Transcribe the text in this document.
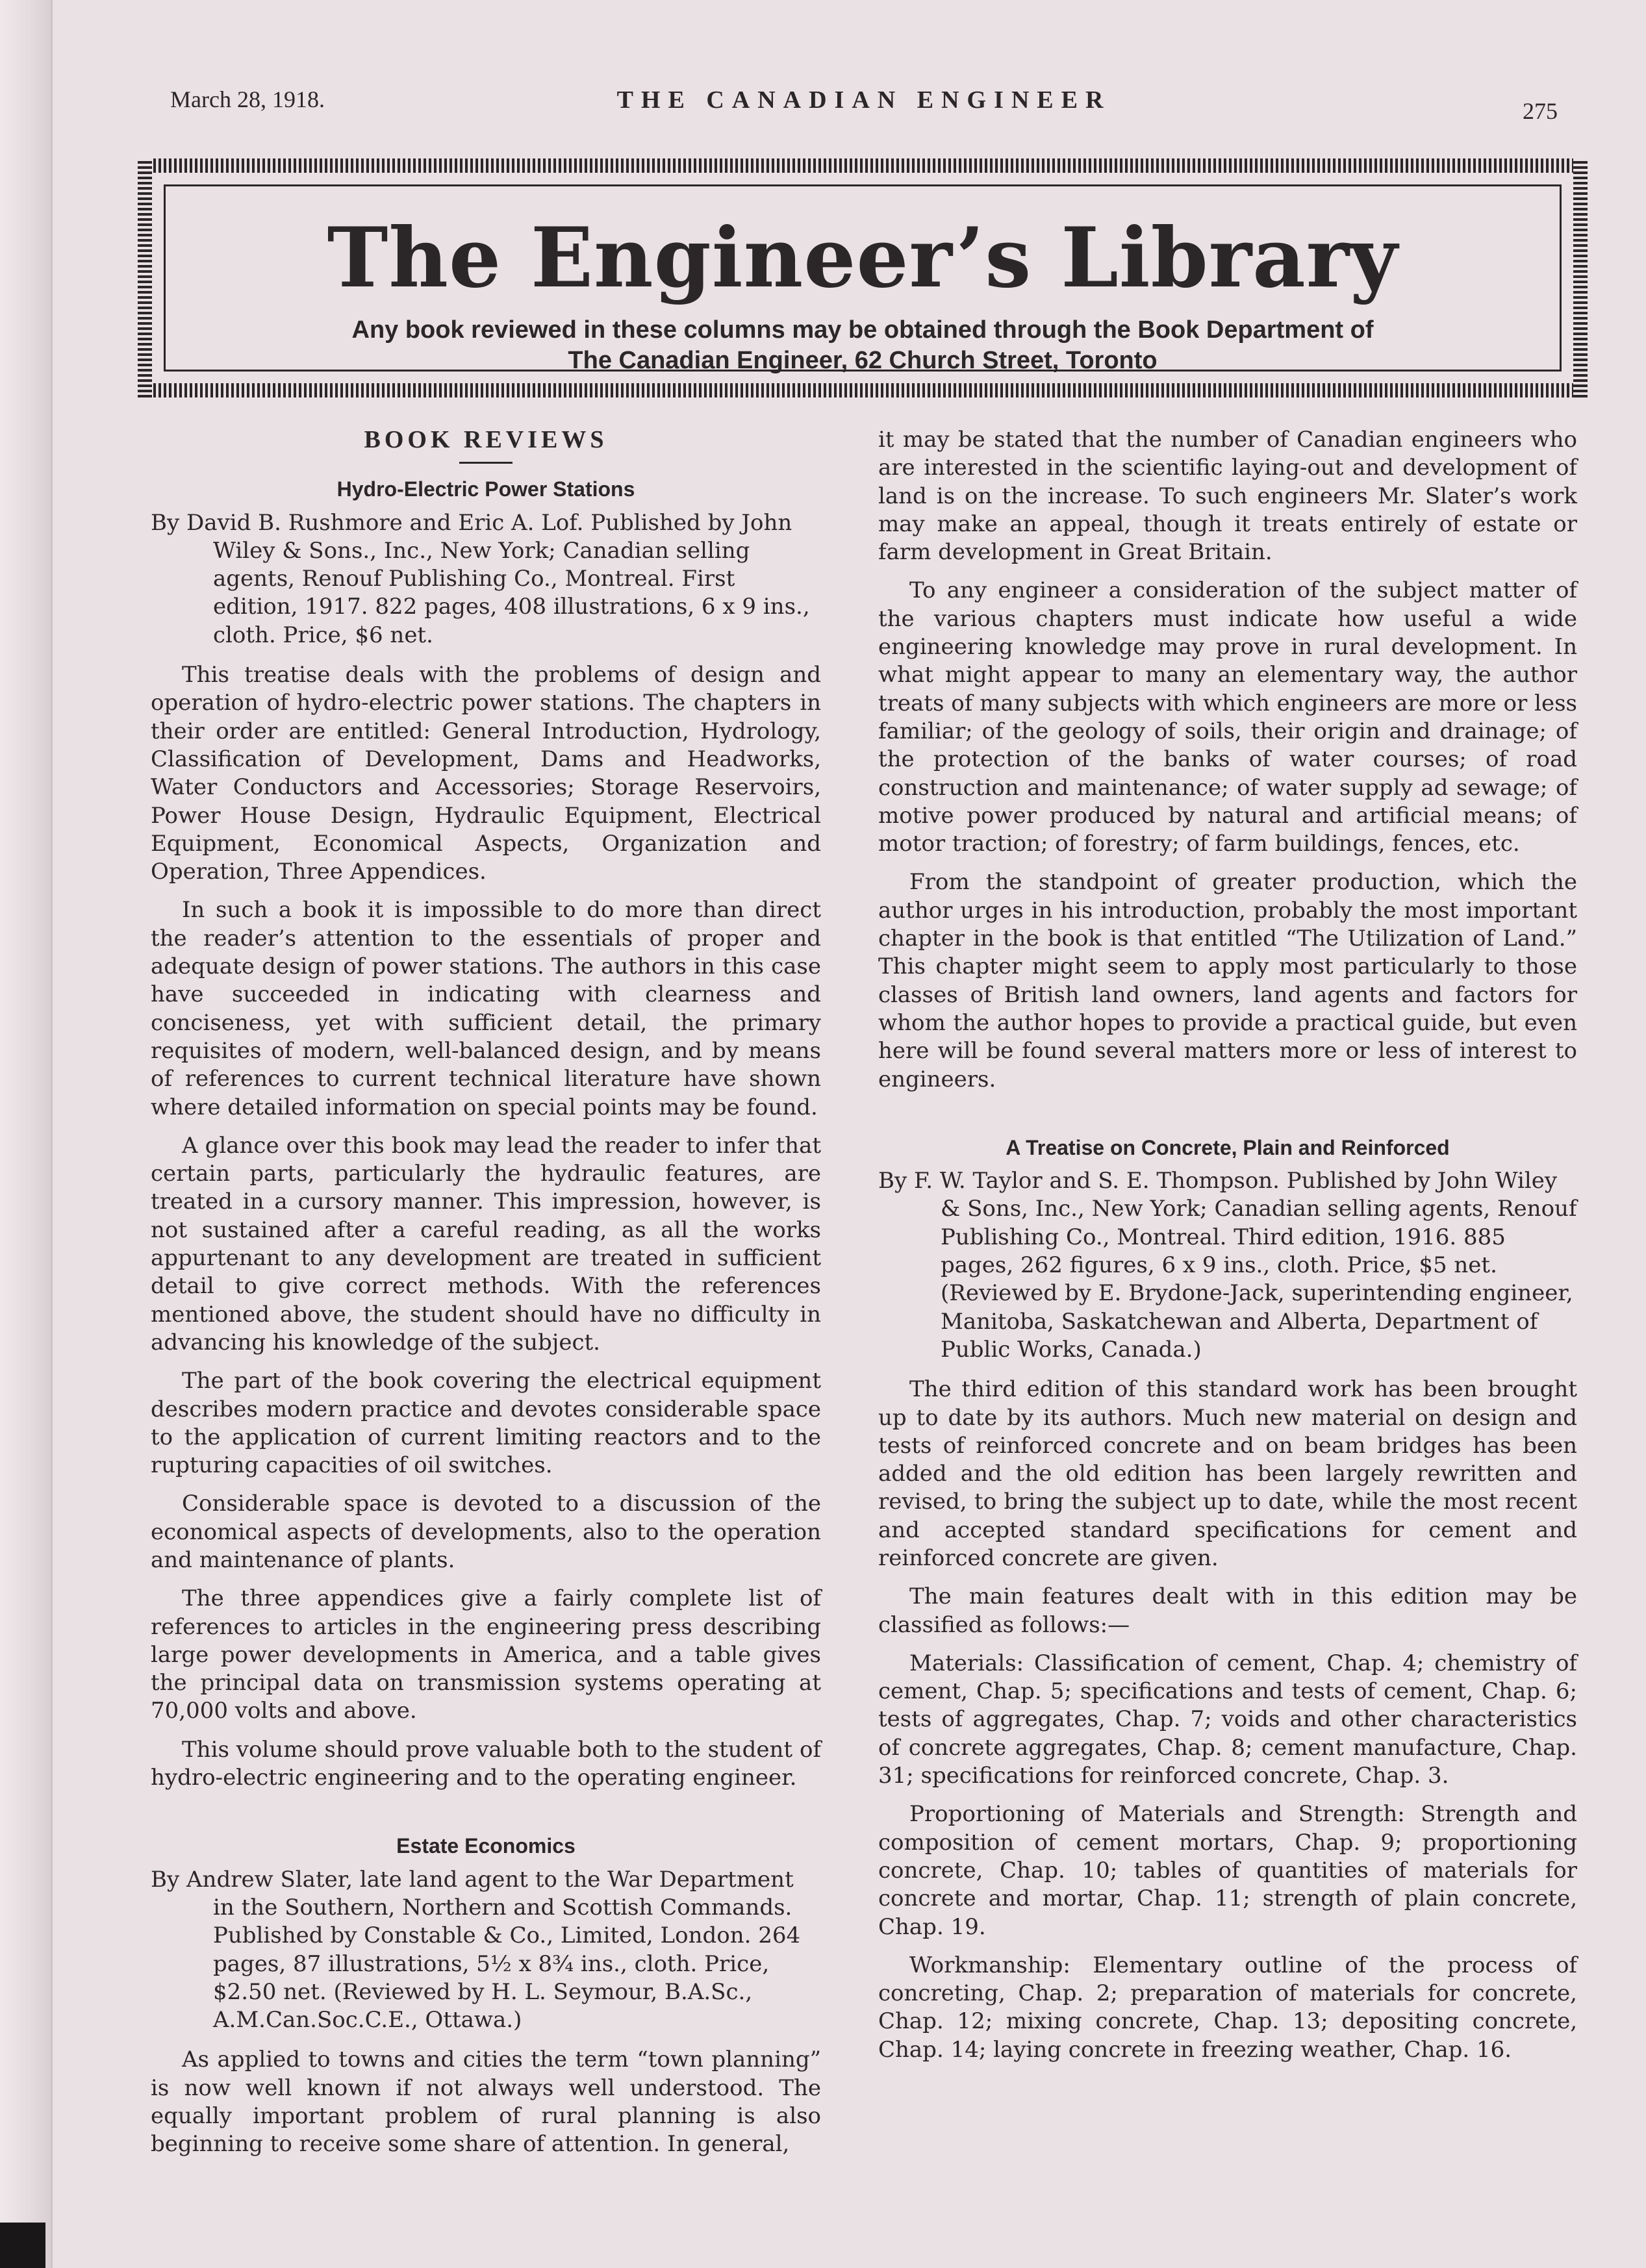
March 28, 1918.	THE CANADIAN ENGINEER	275
The Engineer’s Library
Any book reviewed in these columns may be obtained through the Book Department of
The Canadian Engineer, 62 Church Street, Toronto
BOOK REVIEWS
Hydro-Electric Power Stations
By David B. Rushmore and Eric A. Lof. Published by John Wiley & Sons., Inc., New York; Canadian selling agents, Renouf Publishing Co., Montreal. First edition, 1917. 822 pages, 408 illustrations, 6 x 9 ins., cloth. Price, $6 net.

This treatise deals with the problems of design and operation of hydro-electric power stations. The chapters in their order are entitled: General Introduction, Hydrology, Classification of Development, Dams and Headworks, Water Conductors and Accessories; Storage Reservoirs, Power House Design, Hydraulic Equipment, Electrical Equipment, Economical Aspects, Organization and Operation, Three Appendices.

In such a book it is impossible to do more than direct the reader’s attention to the essentials of proper and adequate design of power stations. The authors in this case have succeeded in indicating with clearness and conciseness, yet with sufficient detail, the primary requisites of modern, well-balanced design, and by means of references to current technical literature have shown where detailed information on special points may be found.

A glance over this book may lead the reader to infer that certain parts, particularly the hydraulic features, are treated in a cursory manner. This impression, however, is not sustained after a careful reading, as all the works appurtenant to any development are treated in sufficient detail to give correct methods. With the references mentioned above, the student should have no difficulty in advancing his knowledge of the subject.

The part of the book covering the electrical equipment describes modern practice and devotes considerable space to the application of current limiting reactors and to the rupturing capacities of oil switches.

Considerable space is devoted to a discussion of the economical aspects of developments, also to the operation and maintenance of plants.

The three appendices give a fairly complete list of references to articles in the engineering press describing large power developments in America, and a table gives the principal data on transmission systems operating at 70,000 volts and above.

This volume should prove valuable both to the student of hydro-electric engineering and to the operating engineer.

Estate Economics
By Andrew Slater, late land agent to the War Department in the Southern, Northern and Scottish Commands. Published by Constable & Co., Limited, London. 264 pages, 87 illustrations, 5½ x 8¾ ins., cloth. Price, $2.50 net. (Reviewed by H. L. Seymour, B.A.Sc., A.M.Can.Soc.C.E., Ottawa.)

As applied to towns and cities the term “town planning” is now well known if not always well understood. The equally important problem of rural planning is also beginning to receive some share of attention. In general,

it may be stated that the number of Canadian engineers who are interested in the scientific laying-out and development of land is on the increase. To such engineers Mr. Slater’s work may make an appeal, though it treats entirely of estate or farm development in Great Britain.

To any engineer a consideration of the subject matter of the various chapters must indicate how useful a wide engineering knowledge may prove in rural development. In what might appear to many an elementary way, the author treats of many subjects with which engineers are more or less familiar; of the geology of soils, their origin and drainage; of the protection of the banks of water courses; of road construction and maintenance; of water supply ad sewage; of motive power produced by natural and artificial means; of motor traction; of forestry; of farm buildings, fences, etc.

From the standpoint of greater production, which the author urges in his introduction, probably the most important chapter in the book is that entitled “The Utilization of Land.” This chapter might seem to apply most particularly to those classes of British land owners, land agents and factors for whom the author hopes to provide a practical guide, but even here will be found several matters more or less of interest to engineers.

A Treatise on Concrete, Plain and Reinforced
By F. W. Taylor and S. E. Thompson. Published by John Wiley & Sons, Inc., New York; Canadian selling agents, Renouf Publishing Co., Montreal. Third edition, 1916. 885 pages, 262 figures, 6 x 9 ins., cloth. Price, $5 net. (Reviewed by E. Brydone-Jack, superintending engineer, Manitoba, Saskatchewan and Alberta, Department of Public Works, Canada.)

The third edition of this standard work has been brought up to date by its authors. Much new material on design and tests of reinforced concrete and on beam bridges has been added and the old edition has been largely rewritten and revised, to bring the subject up to date, while the most recent and accepted standard specifications for cement and reinforced concrete are given.

The main features dealt with in this edition may be classified as follows:—

Materials: Classification of cement, Chap. 4; chemistry of cement, Chap. 5; specifications and tests of cement, Chap. 6; tests of aggregates, Chap. 7; voids and other characteristics of concrete aggregates, Chap. 8; cement manufacture, Chap. 31; specifications for reinforced concrete, Chap. 3.

Proportioning of Materials and Strength: Strength and composition of cement mortars, Chap. 9; proportioning concrete, Chap. 10; tables of quantities of materials for concrete and mortar, Chap. 11; strength of plain concrete, Chap. 19.

Workmanship: Elementary outline of the process of concreting, Chap. 2; preparation of materials for concrete, Chap. 12; mixing concrete, Chap. 13; depositing concrete, Chap. 14; laying concrete in freezing weather, Chap. 16.
